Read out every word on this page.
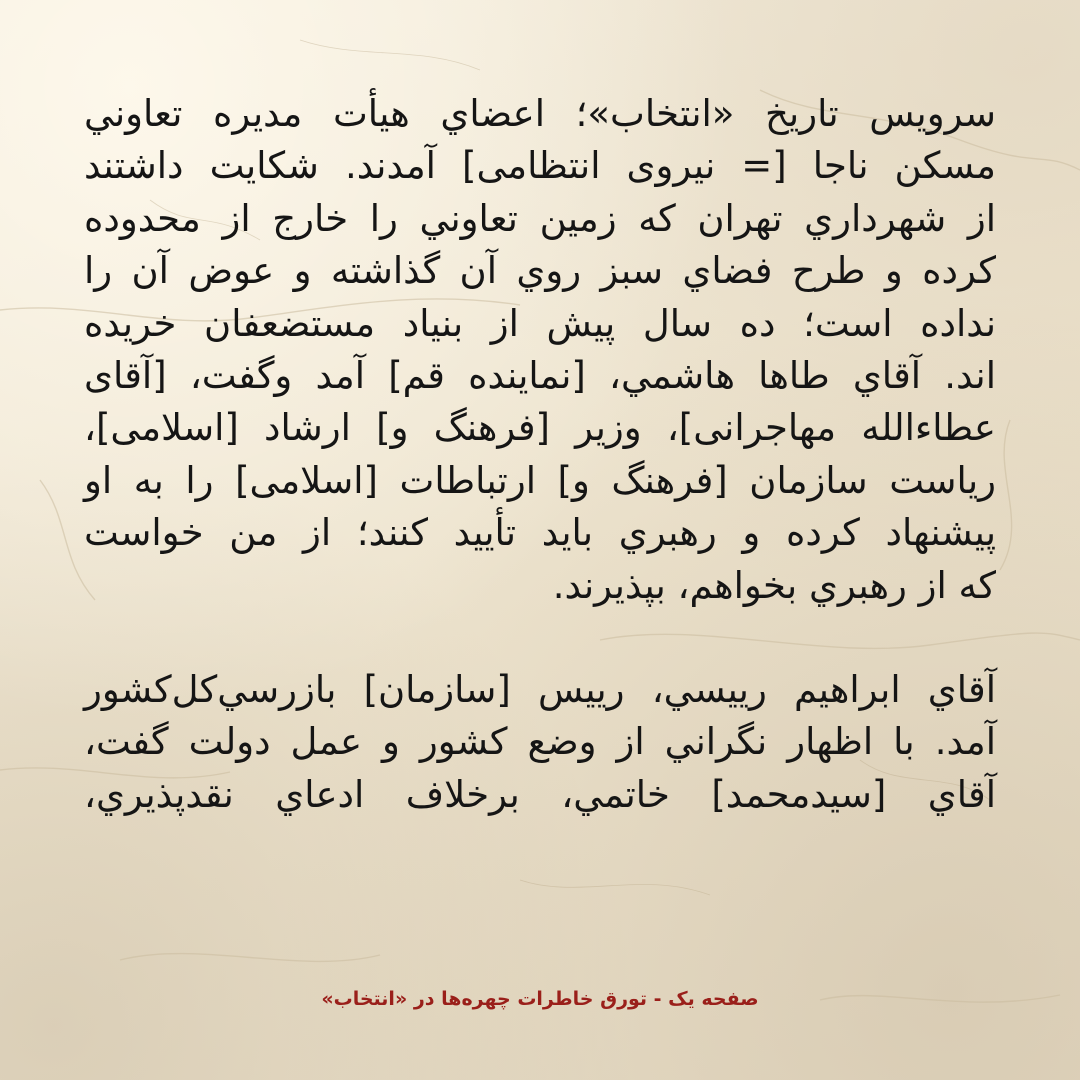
سرویس تاریخ «انتخاب»؛ اعضاي هیأت مدیره تعاوني
مسکن ناجا [= نیروی انتظامی] آمدند. شکایت داشتند
از شهرداري تهران که زمین تعاوني را خارج از محدوده
کرده و طرح فضاي سبز روي آن گذاشته و عوض آن را
نداده است؛ ده سال پیش از بنیاد مستضعفان خریده
اند. آقاي طاها هاشمي، [نماینده قم] آمد وگفت، [آقای
عطاءالله مهاجرانی]، وزیر [فرهنگ و] ارشاد [اسلامی]،
ریاست سازمان [فرهنگ و] ارتباطات [اسلامی] را به او
پیشنهاد کرده و رهبري باید تأیید کنند؛ از من خواست
که از رهبري بخواهم، بپذیرند.

آقاي ابراهیم رییسي، رییس [سازمان] بازرسي‌کل‌کشور
آمد. با اظهار نگراني از وضع کشور و عمل دولت گفت،
آقاي [سیدمحمد] خاتمي، برخلاف ادعاي نقدپذیري،

صفحه یک - تورق خاطرات چهره‌ها در «انتخاب»
